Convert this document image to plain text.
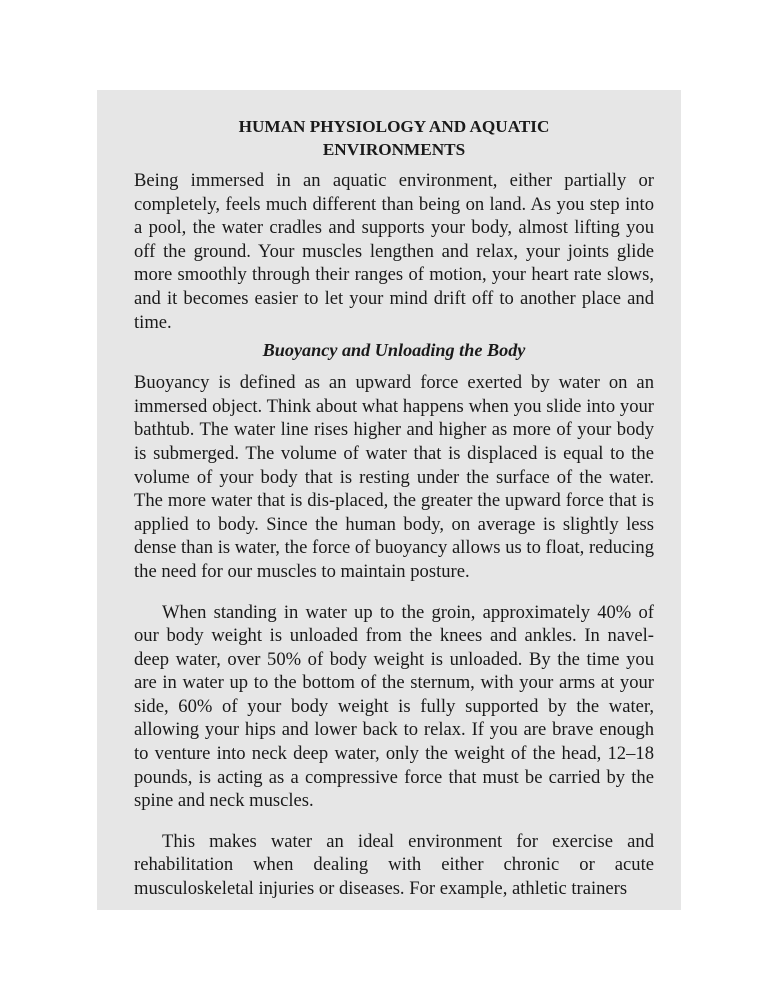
HUMAN PHYSIOLOGY AND AQUATIC
ENVIRONMENTS

Being immersed in an aquatic environment, either partially or completely, feels much different than being on land. As you step into a pool, the water cradles and supports your body, almost lifting you off the ground. Your muscles lengthen and relax, your joints glide more smoothly through their ranges of motion, your heart rate slows, and it becomes easier to let your mind drift off to another place and time.

Buoyancy and Unloading the Body

Buoyancy is defined as an upward force exerted by water on an immersed object. Think about what happens when you slide into your bathtub. The water line rises higher and higher as more of your body is submerged. The volume of water that is displaced is equal to the volume of your body that is resting under the surface of the water. The more water that is dis-placed, the greater the upward force that is applied to body. Since the human body, on average is slightly less dense than is water, the force of buoyancy allows us to float, reducing the need for our muscles to maintain posture.

When standing in water up to the groin, approximately 40% of our body weight is unloaded from the knees and ankles. In navel-deep water, over 50% of body weight is unloaded. By the time you are in water up to the bottom of the sternum, with your arms at your side, 60% of your body weight is fully supported by the water, allowing your hips and lower back to relax. If you are brave enough to venture into neck deep water, only the weight of the head, 12–18 pounds, is acting as a compressive force that must be carried by the spine and neck muscles.

This makes water an ideal environment for exercise and rehabilitation when dealing with either chronic or acute musculoskeletal injuries or diseases. For example, athletic trainers
